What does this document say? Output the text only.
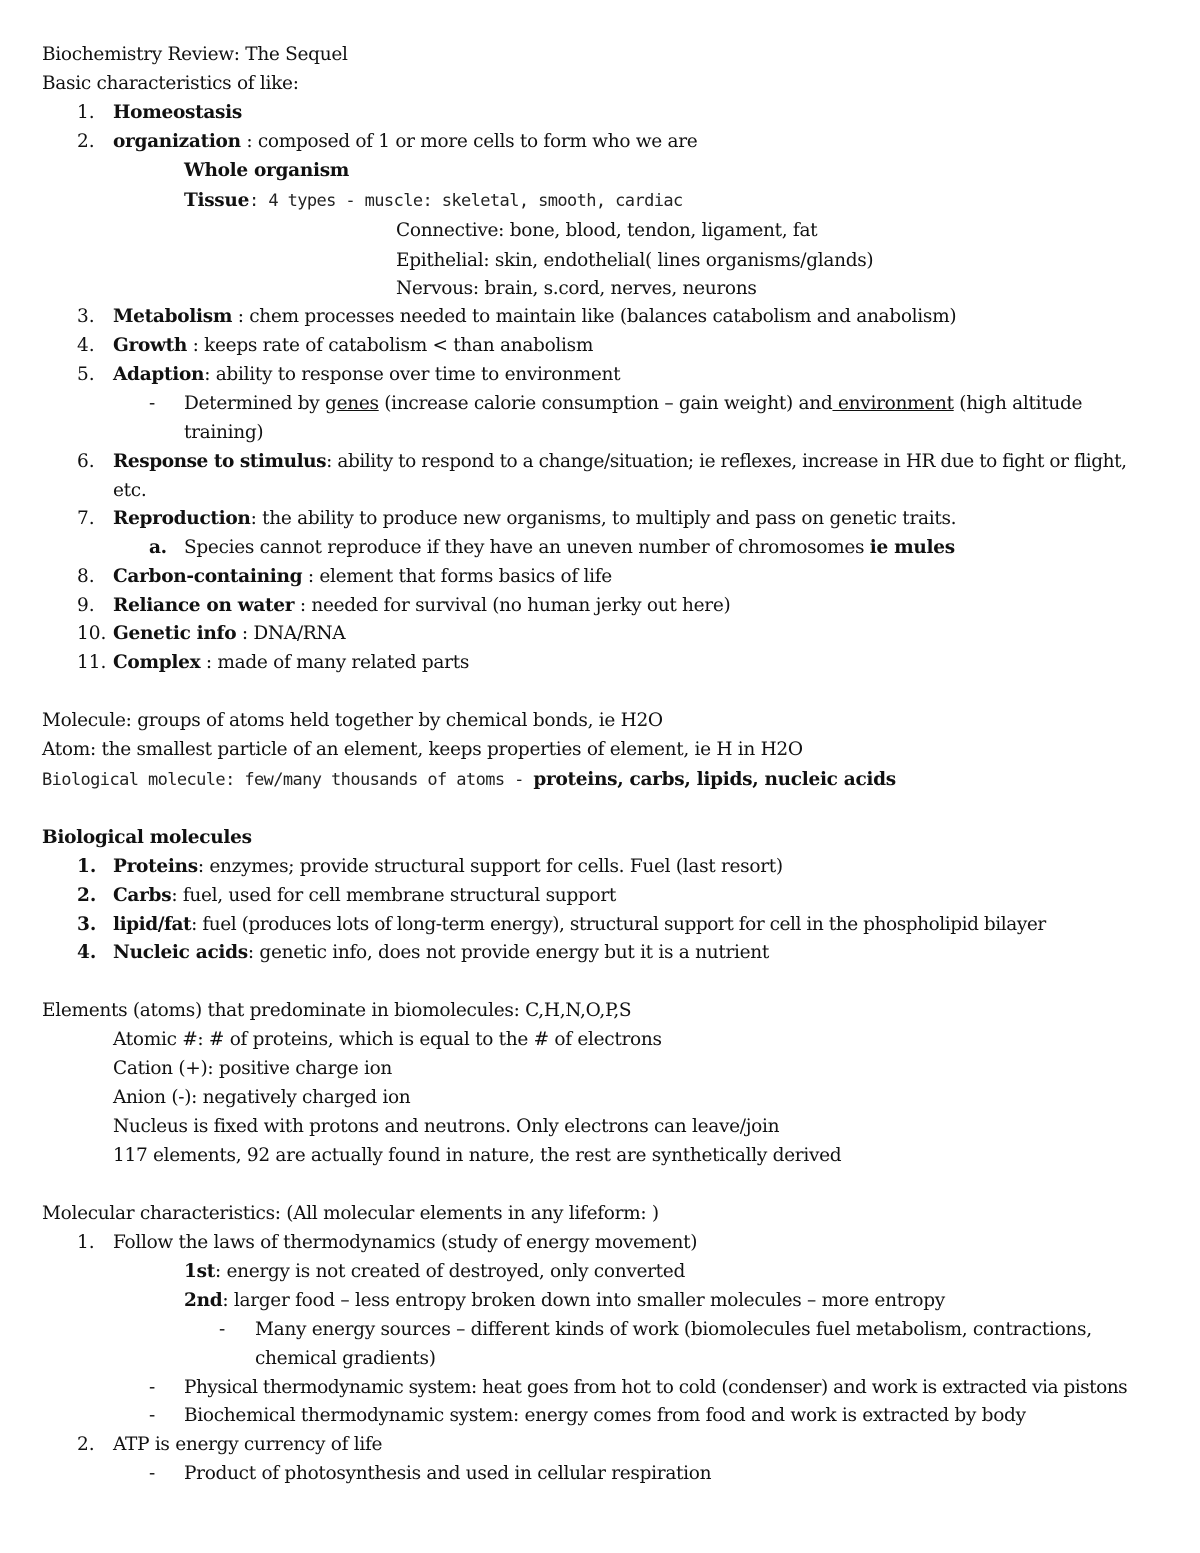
Biochemistry Review: The Sequel
Basic characteristics of like:
1. Homeostasis
2. organization : composed of 1 or more cells to form who we are
Whole organism
Tissue: 4 types - muscle: skeletal, smooth, cardiac
Connective: bone, blood, tendon, ligament, fat
Epithelial: skin, endothelial( lines organisms/glands)
Nervous: brain, s.cord, nerves, neurons
3. Metabolism : chem processes needed to maintain like (balances catabolism and anabolism)
4. Growth : keeps rate of catabolism < than anabolism
5. Adaption: ability to response over time to environment
- Determined by genes (increase calorie consumption – gain weight) and environment (high altitude
training)
6. Response to stimulus: ability to respond to a change/situation; ie reflexes, increase in HR due to fight or flight,
etc.
7. Reproduction: the ability to produce new organisms, to multiply and pass on genetic traits.
a. Species cannot reproduce if they have an uneven number of chromosomes ie mules
8. Carbon-containing : element that forms basics of life
9. Reliance on water : needed for survival (no human jerky out here)
10. Genetic info : DNA/RNA
11. Complex : made of many related parts
Molecule: groups of atoms held together by chemical bonds, ie H2O
Atom: the smallest particle of an element, keeps properties of element, ie H in H2O
Biological molecule: few/many thousands of atoms - proteins, carbs, lipids, nucleic acids
Biological molecules
1. Proteins: enzymes; provide structural support for cells. Fuel (last resort)
2. Carbs: fuel, used for cell membrane structural support
3. lipid/fat: fuel (produces lots of long-term energy), structural support for cell in the phospholipid bilayer
4. Nucleic acids: genetic info, does not provide energy but it is a nutrient
Elements (atoms) that predominate in biomolecules: C,H,N,O,P,S
Atomic #: # of proteins, which is equal to the # of electrons
Cation (+): positive charge ion
Anion (-): negatively charged ion
Nucleus is fixed with protons and neutrons. Only electrons can leave/join
117 elements, 92 are actually found in nature, the rest are synthetically derived
Molecular characteristics: (All molecular elements in any lifeform: )
1. Follow the laws of thermodynamics (study of energy movement)
1st: energy is not created of destroyed, only converted
2nd: larger food – less entropy broken down into smaller molecules – more entropy
- Many energy sources – different kinds of work (biomolecules fuel metabolism, contractions,
chemical gradients)
- Physical thermodynamic system: heat goes from hot to cold (condenser) and work is extracted via pistons
- Biochemical thermodynamic system: energy comes from food and work is extracted by body
2. ATP is energy currency of life
- Product of photosynthesis and used in cellular respiration
